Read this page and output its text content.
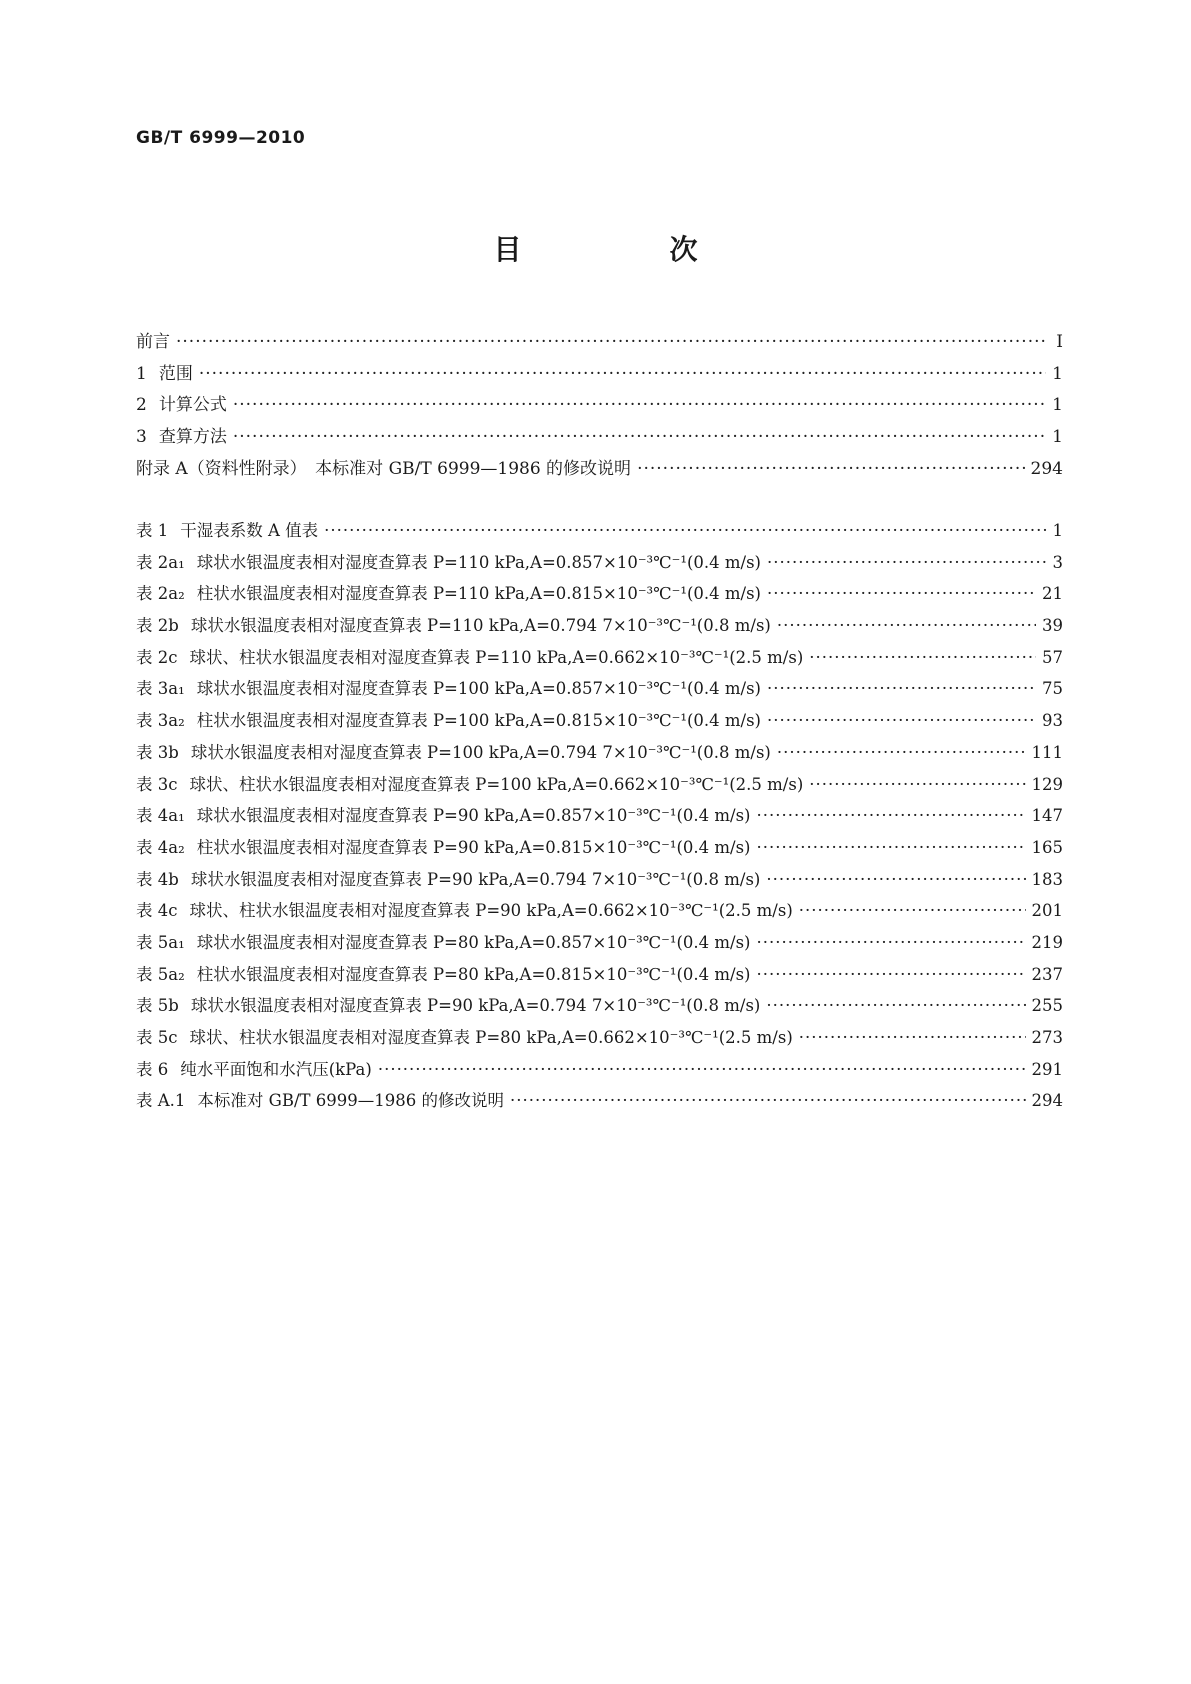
GB/T 6999—2010
目　次
前言 ·····	Ⅰ
1 范围 ·····	1
2 计算公式 ·····	1
3 查算方法 ·····	1
附录 A（资料性附录）　本标准对 GB/T 6999—1986 的修改说明 ·····	294
表 1 干湿表系数 A 值表 ·····	1
表 2a₁ 球状水银温度表相对湿度查算表 P=110 kPa,A=0.857×10⁻³℃⁻¹(0.4 m/s) ·····	3
表 2a₂ 柱状水银温度表相对湿度查算表 P=110 kPa,A=0.815×10⁻³℃⁻¹(0.4 m/s) ·····	21
表 2b 球状水银温度表相对湿度查算表 P=110 kPa,A=0.794 7×10⁻³℃⁻¹(0.8 m/s) ·····	39
表 2c 球状、柱状水银温度表相对湿度查算表 P=110 kPa,A=0.662×10⁻³℃⁻¹(2.5 m/s) ·····	57
表 3a₁ 球状水银温度表相对湿度查算表 P=100 kPa,A=0.857×10⁻³℃⁻¹(0.4 m/s) ·····	75
表 3a₂ 柱状水银温度表相对湿度查算表 P=100 kPa,A=0.815×10⁻³℃⁻¹(0.4 m/s) ·····	93
表 3b 球状水银温度表相对湿度查算表 P=100 kPa,A=0.794 7×10⁻³℃⁻¹(0.8 m/s) ·····	111
表 3c 球状、柱状水银温度表相对湿度查算表 P=100 kPa,A=0.662×10⁻³℃⁻¹(2.5 m/s) ·····	129
表 4a₁ 球状水银温度表相对湿度查算表 P=90 kPa,A=0.857×10⁻³℃⁻¹(0.4 m/s) ·····	147
表 4a₂ 柱状水银温度表相对湿度查算表 P=90 kPa,A=0.815×10⁻³℃⁻¹(0.4 m/s) ·····	165
表 4b 球状水银温度表相对湿度查算表 P=90 kPa,A=0.794 7×10⁻³℃⁻¹(0.8 m/s) ·····	183
表 4c 球状、柱状水银温度表相对湿度查算表 P=90 kPa,A=0.662×10⁻³℃⁻¹(2.5 m/s) ·····	201
表 5a₁ 球状水银温度表相对湿度查算表 P=80 kPa,A=0.857×10⁻³℃⁻¹(0.4 m/s) ·····	219
表 5a₂ 柱状水银温度表相对湿度查算表 P=80 kPa,A=0.815×10⁻³℃⁻¹(0.4 m/s) ·····	237
表 5b 球状水银温度表相对湿度查算表 P=90 kPa,A=0.794 7×10⁻³℃⁻¹(0.8 m/s) ·····	255
表 5c 球状、柱状水银温度表相对湿度查算表 P=80 kPa,A=0.662×10⁻³℃⁻¹(2.5 m/s) ·····	273
表 6 纯水平面饱和水汽压(kPa) ·····	291
表 A.1 本标准对 GB/T 6999—1986 的修改说明 ·····	294
